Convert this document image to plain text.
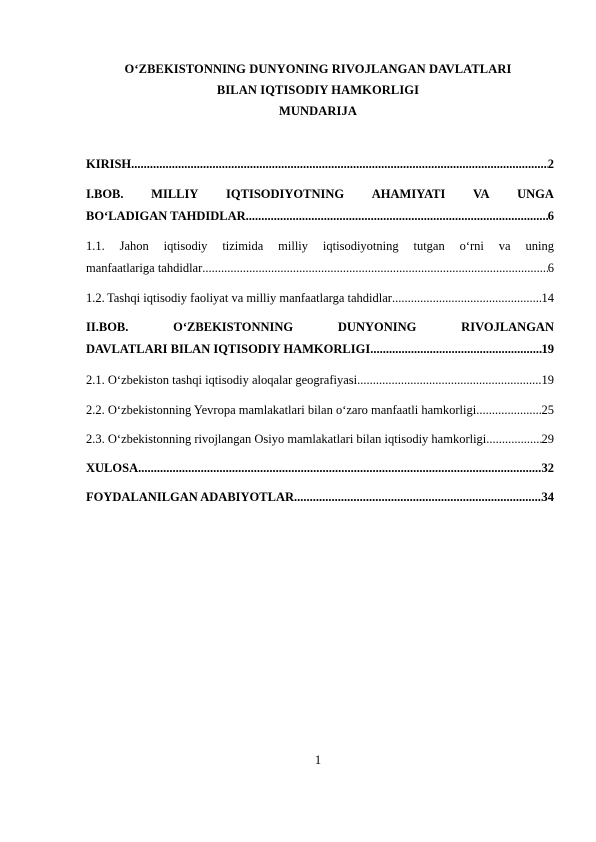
O‘ZBEKISTONNING DUNYONING RIVOJLANGAN DAVLATLARI
BILAN IQTISODIY HAMKORLIGI
MUNDARIJA
KIRISH .....	2
I.BOB. MILLIY IQTISODIYOTNING AHAMIYATI VA UNGA
BO‘LADIGAN TAHDIDLAR .....	6
1.1. Jahon iqtisodiy tizimida milliy iqtisodiyotning tutgan o‘rni va uning
manfaatlariga tahdidlar .....	6
1.2. Tashqi iqtisodiy faoliyat va milliy manfaatlarga tahdidlar .....	14
II.BOB.	O‘ZBEKISTONNING	DUNYONING	RIVOJLANGAN
DAVLATLARI BILAN IQTISODIY HAMKORLIGI .....	19
2.1. O‘zbekiston tashqi iqtisodiy aloqalar geografiyasi .....	19
2.2. O‘zbekistonning Yevropa mamlakatlari bilan o‘zaro manfaatli hamkorligi .....	25
2.3. O‘zbekistonning rivojlangan Osiyo mamlakatlari bilan iqtisodiy hamkorligi .....	29
XULOSA .....	32
FOYDALANILGAN ADABIYOTLAR .....	34
1
